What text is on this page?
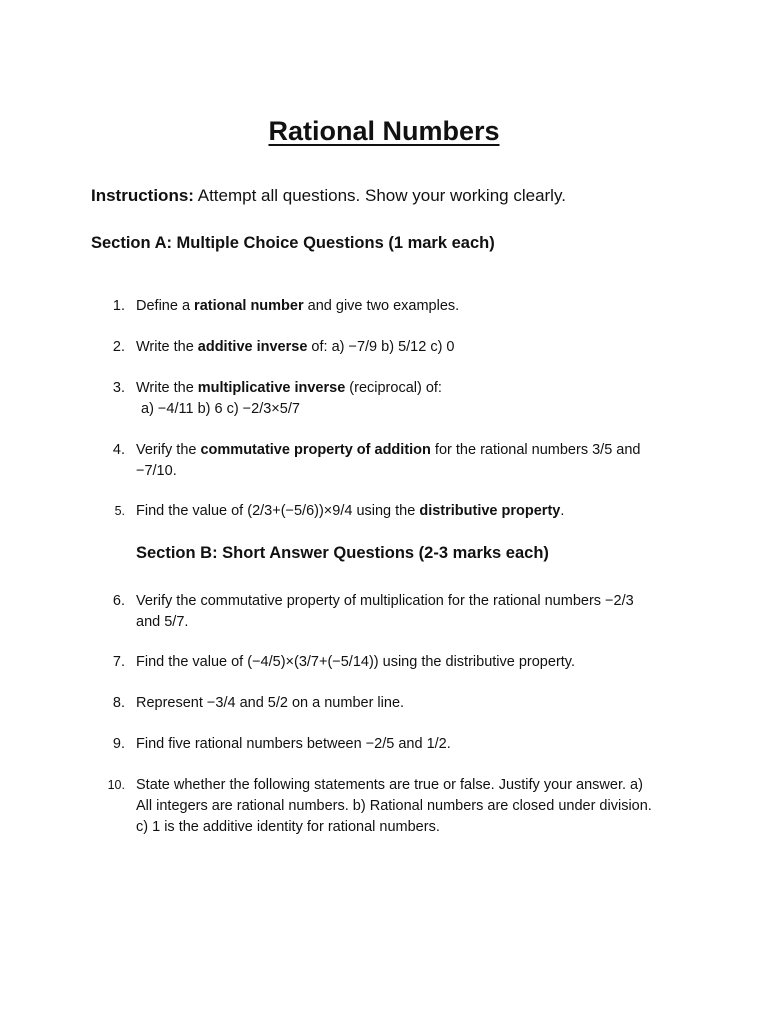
Rational Numbers

Instructions: Attempt all questions. Show your working clearly.

Section A: Multiple Choice Questions (1 mark each)
1. Define a rational number and give two examples.
2. Write the additive inverse of: a) −7/9 b) 5/12 c) 0
3. Write the multiplicative inverse (reciprocal) of:
a) −4/11 b) 6 c) −2/3×5/7
4. Verify the commutative property of addition for the rational numbers 3/5 and
−7/10.
5. Find the value of (2/3+(−5/6))×9/4 using the distributive property.
Section B: Short Answer Questions (2-3 marks each)
6. Verify the commutative property of multiplication for the rational numbers −2/3
and 5/7.
7. Find the value of (−4/5)×(3/7+(−5/14)) using the distributive property.
8. Represent −3/4 and 5/2 on a number line.
9. Find five rational numbers between −2/5 and 1/2.
10. State whether the following statements are true or false. Justify your answer. a)
All integers are rational numbers. b) Rational numbers are closed under division.
c) 1 is the additive identity for rational numbers.
